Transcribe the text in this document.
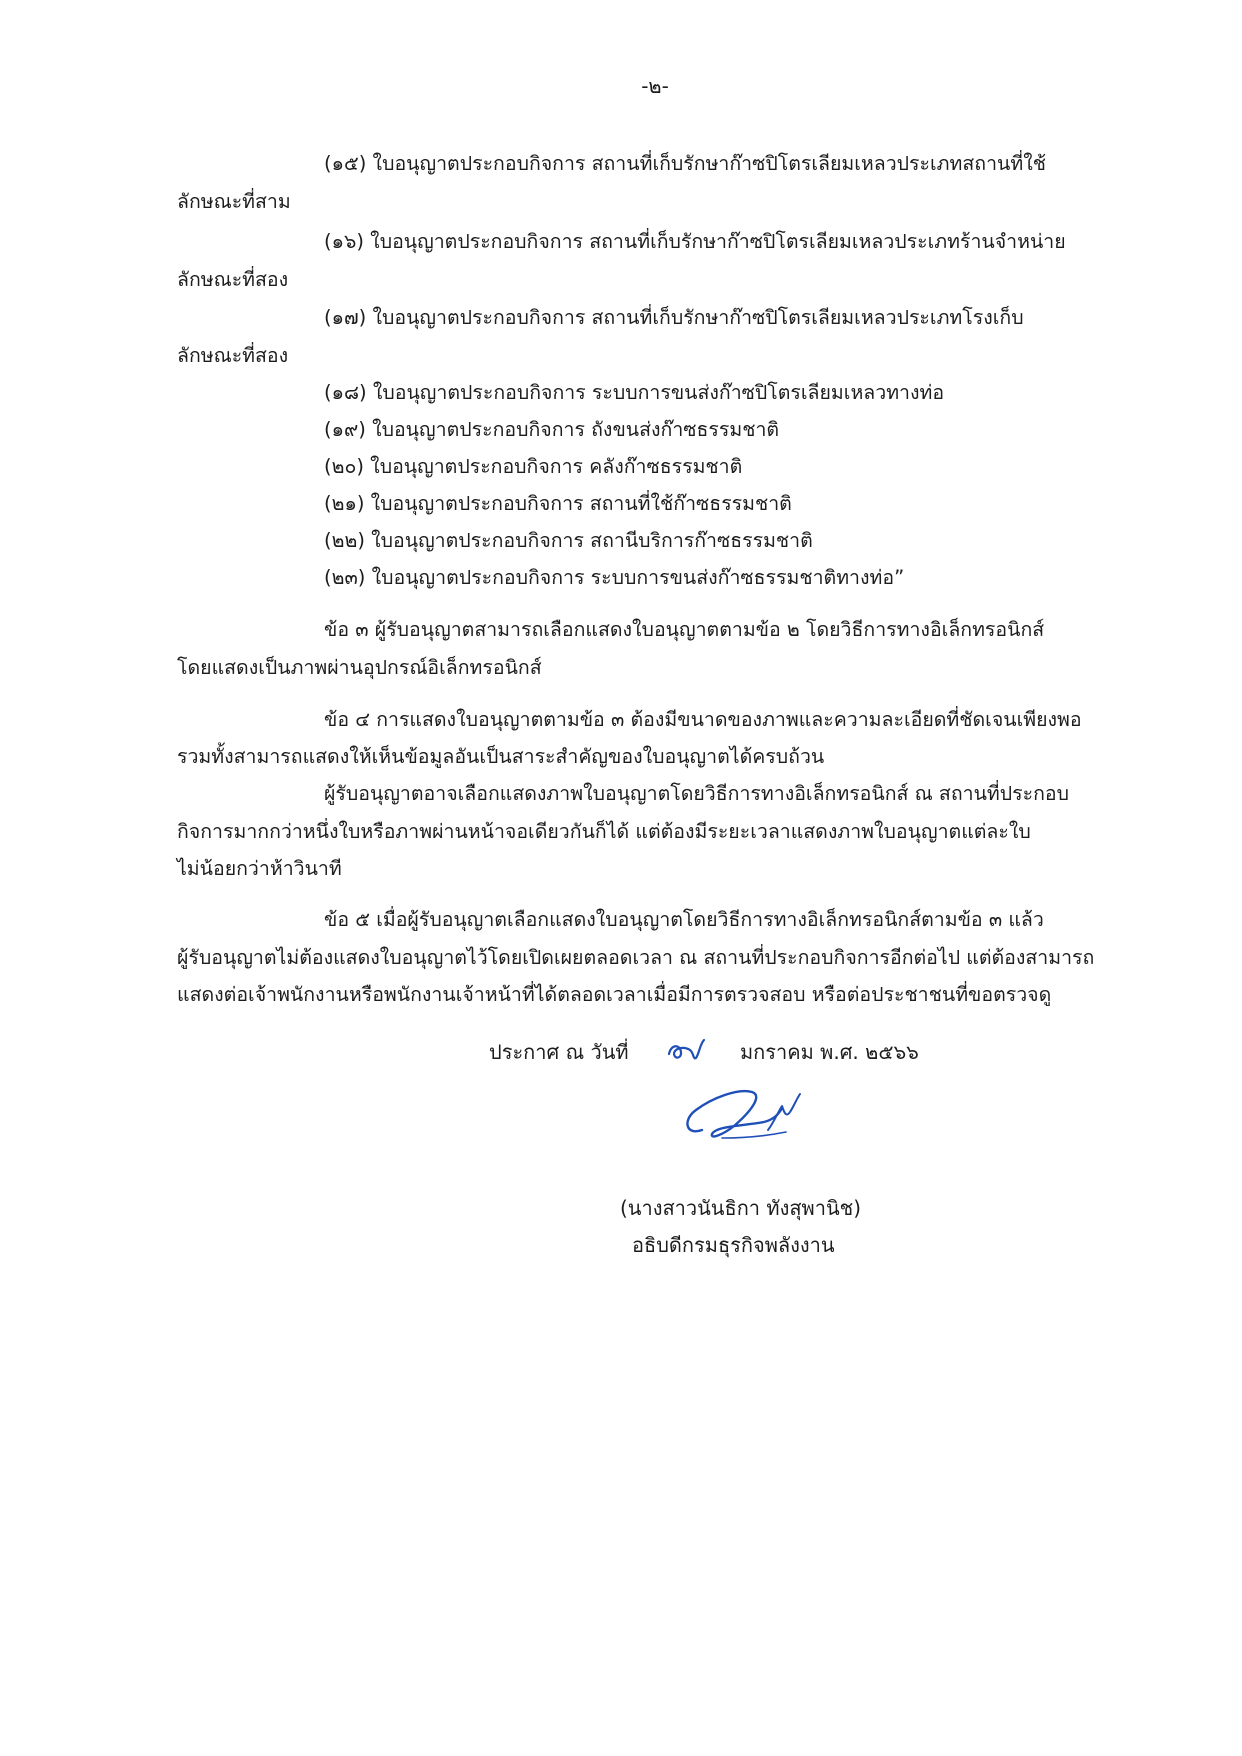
-๒-
(๑๕) ใบอนุญาตประกอบกิจการ สถานที่เก็บรักษาก๊าซปิโตรเลียมเหลวประเภทสถานที่ใช้
ลักษณะที่สาม
(๑๖) ใบอนุญาตประกอบกิจการ สถานที่เก็บรักษาก๊าซปิโตรเลียมเหลวประเภทร้านจำหน่าย
ลักษณะที่สอง
(๑๗) ใบอนุญาตประกอบกิจการ สถานที่เก็บรักษาก๊าซปิโตรเลียมเหลวประเภทโรงเก็บ
ลักษณะที่สอง
(๑๘) ใบอนุญาตประกอบกิจการ ระบบการขนส่งก๊าซปิโตรเลียมเหลวทางท่อ
(๑๙) ใบอนุญาตประกอบกิจการ ถังขนส่งก๊าซธรรมชาติ
(๒๐) ใบอนุญาตประกอบกิจการ คลังก๊าซธรรมชาติ
(๒๑) ใบอนุญาตประกอบกิจการ สถานที่ใช้ก๊าซธรรมชาติ
(๒๒) ใบอนุญาตประกอบกิจการ สถานีบริการก๊าซธรรมชาติ
(๒๓) ใบอนุญาตประกอบกิจการ ระบบการขนส่งก๊าซธรรมชาติทางท่อ”
ข้อ ๓ ผู้รับอนุญาตสามารถเลือกแสดงใบอนุญาตตามข้อ ๒ โดยวิธีการทางอิเล็กทรอนิกส์
โดยแสดงเป็นภาพผ่านอุปกรณ์อิเล็กทรอนิกส์
ข้อ ๔ การแสดงใบอนุญาตตามข้อ ๓ ต้องมีขนาดของภาพและความละเอียดที่ชัดเจนเพียงพอ
รวมทั้งสามารถแสดงให้เห็นข้อมูลอันเป็นสาระสำคัญของใบอนุญาตได้ครบถ้วน
ผู้รับอนุญาตอาจเลือกแสดงภาพใบอนุญาตโดยวิธีการทางอิเล็กทรอนิกส์ ณ สถานที่ประกอบ
กิจการมากกว่าหนึ่งใบหรือภาพผ่านหน้าจอเดียวกันก็ได้ แต่ต้องมีระยะเวลาแสดงภาพใบอนุญาตแต่ละใบ
ไม่น้อยกว่าห้าวินาที
ข้อ ๕ เมื่อผู้รับอนุญาตเลือกแสดงใบอนุญาตโดยวิธีการทางอิเล็กทรอนิกส์ตามข้อ ๓ แล้ว
ผู้รับอนุญาตไม่ต้องแสดงใบอนุญาตไว้โดยเปิดเผยตลอดเวลา ณ สถานที่ประกอบกิจการอีกต่อไป แต่ต้องสามารถ
แสดงต่อเจ้าพนักงานหรือพนักงานเจ้าหน้าที่ได้ตลอดเวลาเมื่อมีการตรวจสอบ หรือต่อประชาชนที่ขอตรวจดู
ประกาศ ณ วันที่	มกราคม พ.ศ. ๒๕๖๖
(นางสาวนันธิกา ทังสุพานิช)
อธิบดีกรมธุรกิจพลังงาน
